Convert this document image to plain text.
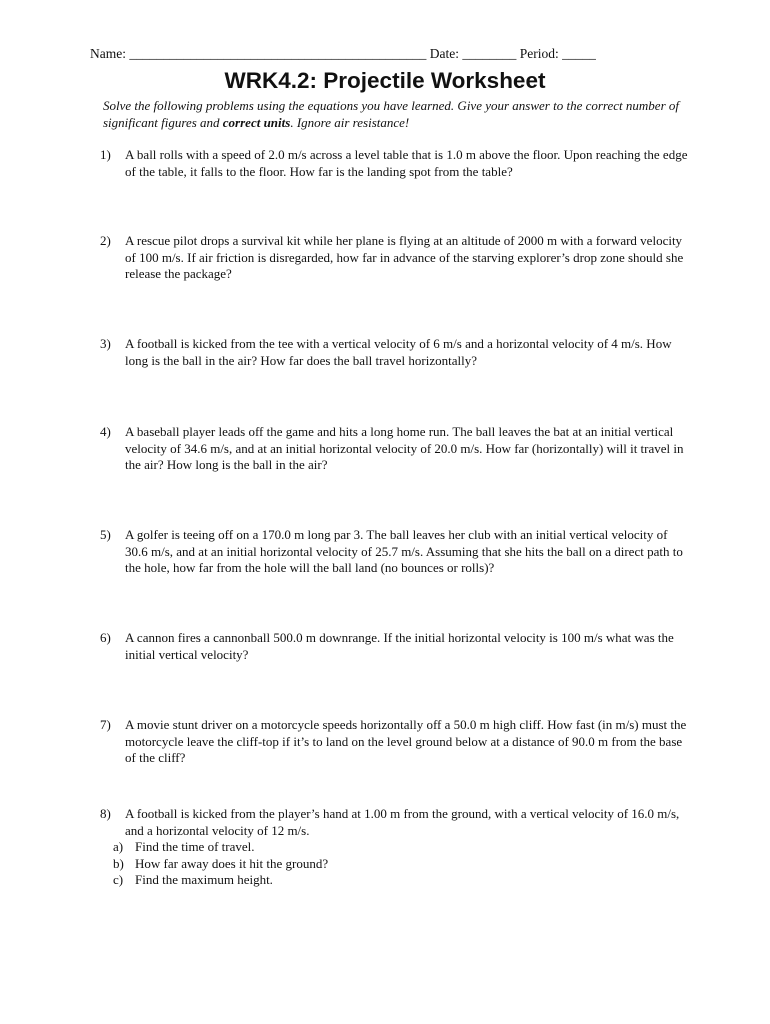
Name: ____________________________________________ Date: ________ Period: _____
WRK4.2: Projectile Worksheet
Solve the following problems using the equations you have learned. Give your answer to the correct number of significant figures and correct units. Ignore air resistance!
1)	A ball rolls with a speed of 2.0 m/s across a level table that is 1.0 m above the floor. Upon reaching the edge of the table, it falls to the floor. How far is the landing spot from the table?
2)	A rescue pilot drops a survival kit while her plane is flying at an altitude of 2000 m with a forward velocity of 100 m/s. If air friction is disregarded, how far in advance of the starving explorer’s drop zone should she release the package?
3)	A football is kicked from the tee with a vertical velocity of 6 m/s and a horizontal velocity of 4 m/s. How long is the ball in the air? How far does the ball travel horizontally?
4)	A baseball player leads off the game and hits a long home run. The ball leaves the bat at an initial vertical velocity of 34.6 m/s, and at an initial horizontal velocity of 20.0 m/s. How far (horizontally) will it travel in the air? How long is the ball in the air?
5)	A golfer is teeing off on a 170.0 m long par 3. The ball leaves her club with an initial vertical velocity of 30.6 m/s, and at an initial horizontal velocity of 25.7 m/s. Assuming that she hits the ball on a direct path to the hole, how far from the hole will the ball land (no bounces or rolls)?
6)	A cannon fires a cannonball 500.0 m downrange. If the initial horizontal velocity is 100 m/s what was the initial vertical velocity?
7)	A movie stunt driver on a motorcycle speeds horizontally off a 50.0 m high cliff. How fast (in m/s) must the motorcycle leave the cliff-top if it’s to land on the level ground below at a distance of 90.0 m from the base of the cliff?
8)	A football is kicked from the player’s hand at 1.00 m from the ground, with a vertical velocity of 16.0 m/s, and a horizontal velocity of 12 m/s.
a) Find the time of travel.
b) How far away does it hit the ground?
c) Find the maximum height.
